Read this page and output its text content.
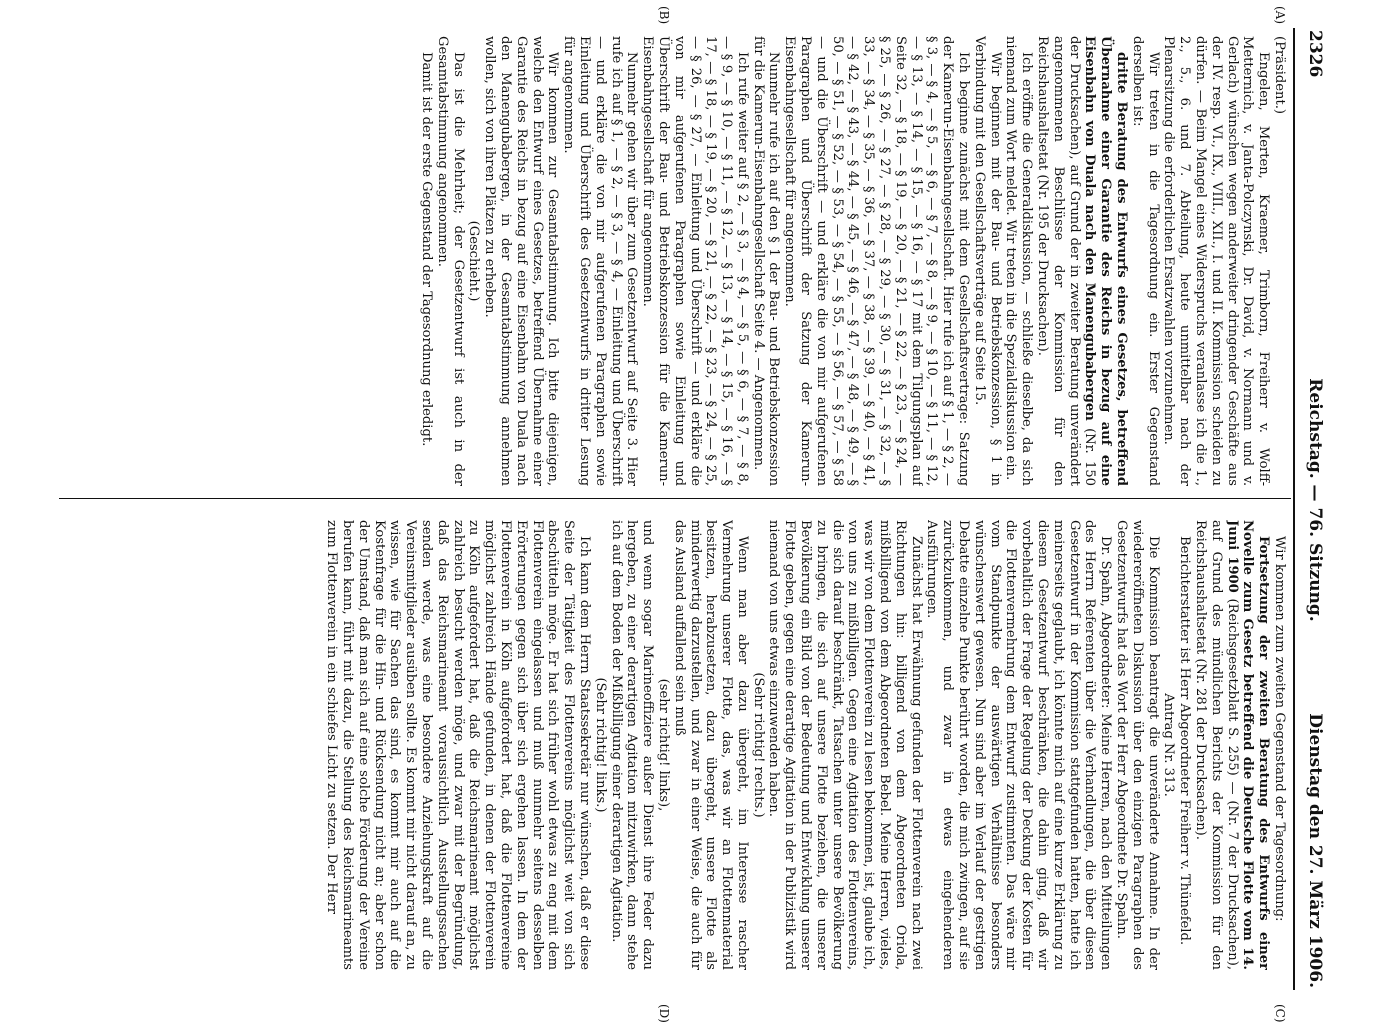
2326
Reichstag. — 76. Sitzung.
Dienstag den 27. März 1906.
(A)
(B)
(C)
(D)

(Präsident.)

Engelen, Merten, Kraemer, Trimborn, Freiherr v. Wolff-Metternich, v. Janta-Polczynski, Dr. David, v. Normann und v. Gerlach) wünschen wegen anderweiter dringender Geschäfte aus der IV. resp. VI., IX., VIII., XII., I. und II. Kommission scheiden zu dürfen. — Beim Mangel eines Widerspruchs veranlasse ich die 1., 2., 5., 6. und 7. Abteilung, heute unmittelbar nach der Plenarsitzung die erforderlichen Ersatzwahlen vorzunehmen.

Wir treten in die Tagesordnung ein. Erster Gegenstand derselben ist:

dritte Beratung des Entwurfs eines Gesetzes, betreffend Übernahme einer Garantie des Reichs in bezug auf eine Eisenbahn von Duala nach den Manengubabergen (Nr. 150 der Drucksachen), auf Grund der in zweiter Beratung unverändert angenommenen Beschlüsse der Kommission für den Reichshaushaltsetat (Nr. 195 der Drucksachen).

Ich eröffne die Generaldiskussion, — schließe dieselbe, da sich niemand zum Wort meldet. Wir treten in die Spezialdiskussion ein.

Wir beginnen mit der Bau- und Betriebskonzession, § 1 in Verbindung mit den Gesellschaftsverträge auf Seite 15.

Ich beginne zunächst mit dem Gesellschaftsvertrage: Satzung der Kamerun-Eisenbahngesellschaft. Hier rufe ich auf § 1, — § 2, — § 3, — § 4, — § 5, — § 6, — § 7, — § 8, — § 9, — § 10, — § 11, — § 12, — § 13, — § 14, — § 15, — § 16, — § 17 mit dem Tilgungsplan auf Seite 32, — § 18, — § 19, — § 20, — § 21, — § 22, — § 23, — § 24, — § 25, — § 26, — § 27, — § 28, — § 29, — § 30, — § 31, — § 32, — § 33, — § 34, — § 35, — § 36, — § 37, — § 38, — § 39, — § 40, — § 41, — § 42, — § 43, — § 44, — § 45, — § 46, — § 47, — § 48, — § 49, — § 50, — § 51, — § 52, — § 53, — § 54, — § 55, — § 56, — § 57, — § 58 — und die Überschrift — und erkläre die von mir aufgerufenen Paragraphen und Überschrift der Satzung der Kamerun-Eisenbahngesellschaft für angenommen.

Nunmehr rufe ich auf den § 1 der Bau- und Betriebskonzession für die Kamerun-Eisenbahngesellschaft Seite 4. — Angenommen.

Ich rufe weiter auf § 2, — § 3, — § 4, — § 5, — § 6, — § 7, — § 8, — § 9, — § 10, — § 11, — § 12, — § 13, — § 14, — § 15, — § 16, — § 17, — § 18, — § 19, — § 20, — § 21, — § 22, — § 23, — § 24, — § 25, — § 26, — § 27, — Einleitung und Überschrift — und erkläre die von mir aufgerufenen Paragraphen sowie Einleitung und Überschrift der Bau- und Betriebskonzession für die Kamerun-Eisenbahngesellschaft für angenommen.

Nunmehr gehen wir über zum Gesetzentwurf auf Seite 3. Hier rufe ich auf § 1, — § 2, — § 3, — § 4, — Einleitung und Überschrift — und erkläre die von mir aufgerufenen Paragraphen sowie Einleitung und Überschrift des Gesetzentwurfs in dritter Lesung für angenommen.

Wir kommen zur Gesamtabstimmung. Ich bitte diejenigen, welche den Entwurf eines Gesetzes, betreffend Übernahme einer Garantie des Reichs in bezug auf eine Eisenbahn von Duala nach den Manengubabergen, in der Gesamtabstimmung annehmen wollen, sich von ihren Plätzen zu erheben.

(Geschieht.)

Das ist die Mehrheit; der Gesetzentwurf ist auch in der Gesamtabstimmung angenommen.

Damit ist der erste Gegenstand der Tagesordnung erledigt.

Wir kommen zum zweiten Gegenstand der Tagesordnung:

Fortsetzung der zweiten Beratung des Entwurfs einer Novelle zum Gesetz betreffend die Deutsche Flotte vom 14. Juni 1900 (Reichsgesetzblatt S. 255) — (Nr. 7 der Drucksachen), auf Grund des mündlichen Berichts der Kommission für den Reichshaushaltsetat (Nr. 281 der Drucksachen).

Berichterstatter ist Herr Abgeordneter Freiherr v. Thünefeld.

Antrag Nr. 313.

Die Kommission beantragt die unveränderte Annahme. In der wiedereröffneten Diskussion über den einzigen Paragraphen des Gesetzentwurfs hat das Wort der Herr Abgeordnete Dr. Spahn.

Dr. Spahn, Abgeordneter: Meine Herren, nach den Mitteilungen des Herrn Referenten über die Verhandlungen, die über diesen Gesetzentwurf in der Kommission stattgefunden hatten, hatte ich meinerseits geglaubt, ich könnte mich auf eine kurze Erklärung zu diesem Gesetzentwurf beschränken, die dahin ging, daß wir vorbehaltlich der Frage der Regelung der Deckung der Kosten für die Flottenvermehrung dem Entwurf zustimmten. Das wäre mir vom Standpunkte der auswärtigen Verhältnisse besonders wünschenswert gewesen. Nun sind aber im Verlauf der gestrigen Debatte einzelne Punkte berührt worden, die mich zwingen, auf sie zurückzukommen, und zwar in etwas eingehenderen Ausführungen.

Zunächst hat Erwähnung gefunden der Flottenverein nach zwei Richtungen hin: billigend von dem Abgeordneten Oriola, mißbilligend von dem Abgeordneten Bebel. Meine Herren, vieles, was wir von dem Flottenverein zu lesen bekommen, ist, glaube ich, von uns zu mißbilligen. Gegen eine Agitation des Flottenvereins, die sich darauf beschränkt, Tatsachen unter unsere Bevölkerung zu bringen, die sich auf unsere Flotte beziehen, die unserer Bevölkerung ein Bild von der Bedeutung und Entwicklung unserer Flotte geben, gegen eine derartige Agitation in der Publizistik wird niemand von uns etwas einzuwenden haben.

(Sehr richtig! rechts.)

Wenn man aber dazu übergeht, im Interesse rascher Vermehrung unserer Flotte, das, was wir an Flottenmaterial besitzen, herabzusetzen, dazu übergeht, unsere Flotte als minderwertig darzustellen, und zwar in einer Weise, die auch für das Ausland auffallend sein muß

(sehr richtig! links),

und wenn sogar Marineoffiziere außer Dienst ihre Feder dazu hergeben, zu einer derartigen Agitation mitzuwirken, dann stehe ich auf dem Boden der Mißbilligung einer derartigen Agitation.

(Sehr richtig! links.)

Ich kann dem Herrn Staatssekretär nur wünschen, daß er diese Seite der Tätigkeit des Flottenvereins möglichst weit von sich abschütteln möge. Er hat sich früher wohl etwas zu eng mit dem Flottenverein eingelassen und muß nunmehr seitens desselben Erörterungen gegen sich über sich ergehen lassen. In dem der Flottenverein in Köln aufgefordert hat, daß die Flottenvereine möglichst zahlreich Hände gefunden, in denen der Flottenverein zu Köln aufgefordert hat, daß die Reichsmarineamt möglichst zahlreich besucht werden möge, und zwar mit der Begründung, daß das Reichsmarineamt voraussichtlich Ausstellungssachen senden werde, was eine besondere Anziehungskraft auf die Vereinsmitglieder ausüben sollte. Es kommt mir nicht darauf an, zu wissen, wie für Sachen das sind, es kommt mir auch auf die Kostenfrage für die Hin- und Rücksendung nicht an; aber schon der Umstand, daß man sich auf eine solche Förderung der Vereine berufen kann, führt mit dazu, die Stellung des Reichsmarineamts zum Flottenverein in ein schiefes Licht zu setzen. Der Herr
